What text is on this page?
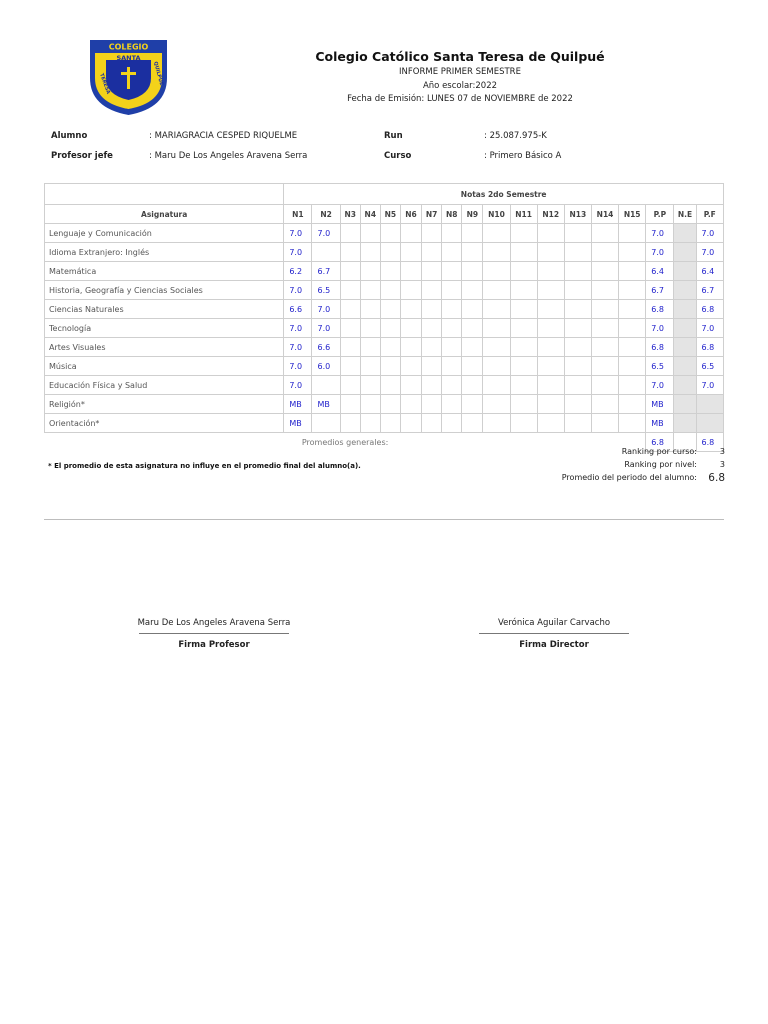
COLEGIO
SANTA
TERESA	QUILPUE
Colegio Católico Santa Teresa de Quilpué
INFORME PRIMER SEMESTRE
Año escolar:2022
Fecha de Emisión: LUNES 07 de NOVIEMBRE de 2022
Alumno	: MARIAGRACIA CESPED RIQUELME	Run	: 25.087.975-K
Profesor jefe	: Maru De Los Angeles Aravena Serra	Curso	: Primero Básico A
	Notas 2do Semestre																	
Asignatura	N1	N2	N3	N4	N5	N6	N7	N8	N9	N10	N11	N12	N13	N14	N15	P.P	N.E	P.F
Lenguaje y Comunicación	7.0	7.0														7.0		7.0
Idioma Extranjero: Inglés	7.0															7.0		7.0
Matemática	6.2	6.7														6.4		6.4
Historia, Geografía y Ciencias Sociales	7.0	6.5														6.7		6.7
Ciencias Naturales	6.6	7.0														6.8		6.8
Tecnología	7.0	7.0														7.0		7.0
Artes Visuales	7.0	6.6														6.8		6.8
Música	7.0	6.0														6.5		6.5
Educación Física y Salud	7.0															7.0		7.0
Religión*	MB	MB														MB		
Orientación*	MB															MB		
	Promedios generales:															6.8		6.8
* El promedio de esta asignatura no influye en el promedio final del alumno(a).
Ranking por curso:	3
Ranking por nivel:	3
Promedio del periodo del alumno:	6.8
Maru De Los Angeles Aravena Serra
Firma Profesor
Verónica Aguilar Carvacho
Firma Director
